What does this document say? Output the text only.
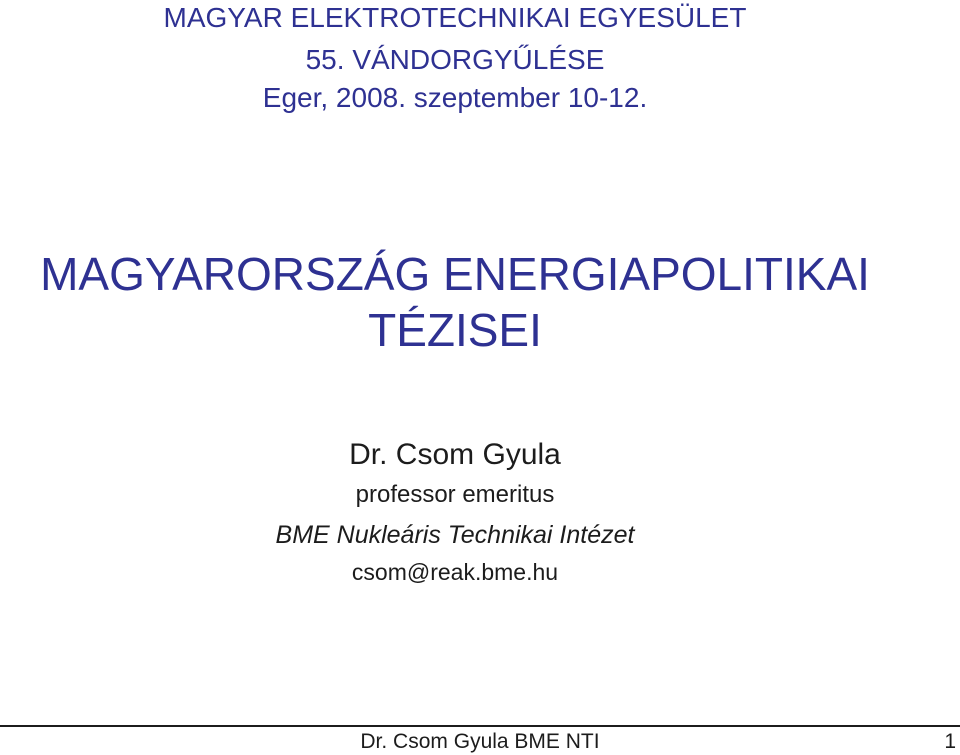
MAGYAR ELEKTROTECHNIKAI EGYESÜLET
55. VÁNDORGYŰLÉSE
Eger, 2008. szeptember 10-12.
MAGYARORSZÁG ENERGIAPOLITIKAI
TÉZISEI
Dr. Csom Gyula
professor emeritus
BME Nukleáris Technikai Intézet
csom@reak.bme.hu
Dr. Csom Gyula BME NTI	1
